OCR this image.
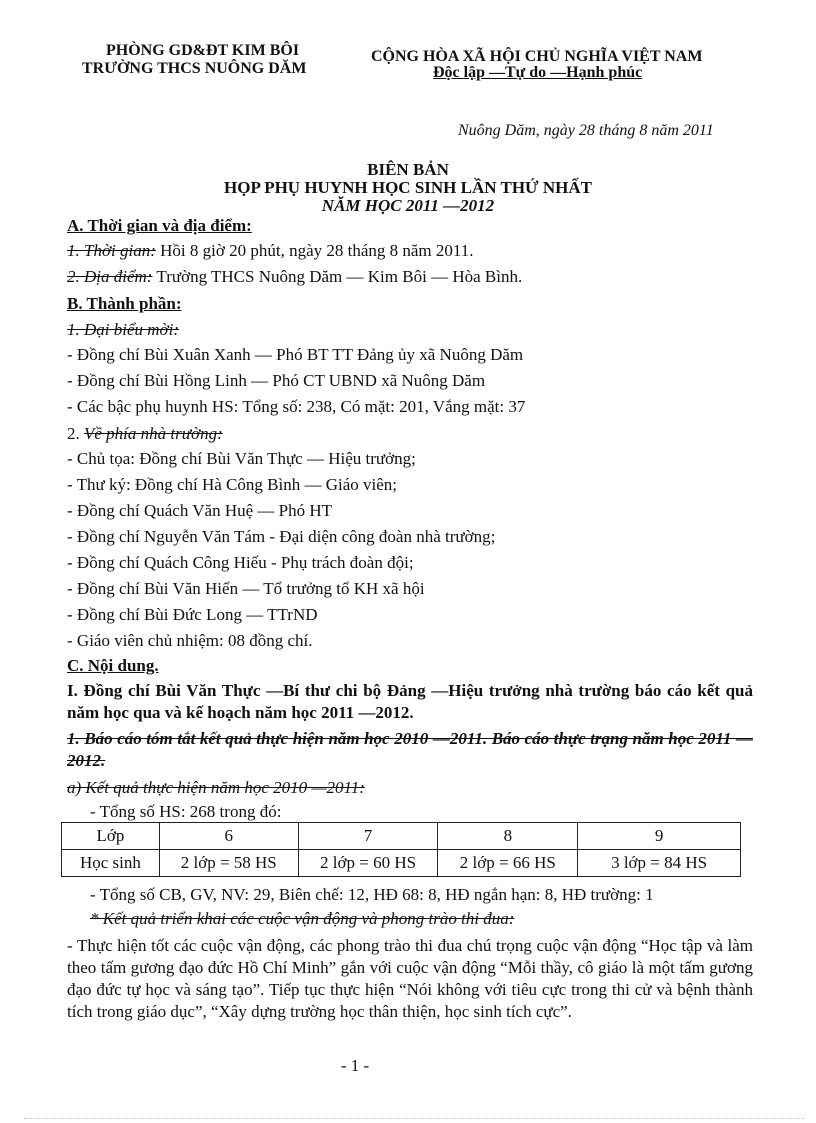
PHÒNG GD&ĐT KIM BÔI
TRƯỜNG THCS NUÔNG DĂM
CỘNG HÒA XÃ HỘI CHỦ NGHĨA VIỆT NAM
Độc lập —Tự do —Hạnh phúc
Nuông Dăm, ngày 28 tháng 8 năm 2011
BIÊN BẢN
HỌP PHỤ HUYNH HỌC SINH LẦN THỨ NHẤT
NĂM HỌC 2011 —2012
A. Thời gian và địa điểm:
1. Thời gian: Hồi 8 giờ 20 phút, ngày 28 tháng 8 năm 2011.
2. Địa điểm: Trường THCS Nuông Dăm — Kim Bôi — Hòa Bình.
B. Thành phần:
1. Đại biểu mời:
- Đồng chí Bùi Xuân Xanh — Phó BT TT Đảng ủy xã Nuông Dăm
- Đồng chí Bùi Hồng Linh — Phó CT UBND xã Nuông Dăm
- Các bậc phụ huynh HS: Tổng số: 238, Có mặt: 201, Vắng mặt: 37
2. Về phía nhà trường:
- Chủ tọa: Đồng chí Bùi Văn Thực — Hiệu trưởng;
- Thư ký: Đồng chí Hà Công Bình — Giáo viên;
- Đồng chí Quách Văn Huệ — Phó HT
- Đồng chí Nguyễn Văn Tám - Đại diện công đoàn nhà trường;
- Đồng chí Quách Công Hiếu - Phụ trách đoàn đội;
- Đồng chí Bùi Văn Hiển — Tổ trưởng tổ KH xã hội
- Đồng chí Bùi Đức Long — TTrND
- Giáo viên chủ nhiệm: 08 đồng chí.
C. Nội dung.
I. Đồng chí Bùi Văn Thực —Bí thư chi bộ Đảng —Hiệu trưởng nhà trường báo cáo kết quả năm học qua và kế hoạch năm học 2011 —2012.
1. Báo cáo tóm tắt kết quả thực hiện năm học 2010 —2011. Báo cáo thực trạng năm học 2011 —2012.
a) Kết quả thực hiện năm học 2010 —2011:
- Tổng số HS: 268 trong đó:
Lớp	6	7	8	9
Học sinh	2 lớp = 58 HS	2 lớp = 60 HS	2 lớp = 66 HS	3 lớp = 84 HS
- Tổng số CB, GV, NV: 29, Biên chế: 12, HĐ 68: 8, HĐ ngắn hạn: 8, HĐ trường: 1
* Kết quả triển khai các cuộc vận động và phong trào thi đua:
- Thực hiện tốt các cuộc vận động, các phong trào thi đua chú trọng cuộc vận động “Học tập và làm theo tấm gương đạo đức Hồ Chí Minh” gắn với cuộc vận động “Mỗi thầy, cô giáo là một tấm gương đạo đức tự học và sáng tạo”. Tiếp tục thực hiện “Nói không với tiêu cực trong thi cử và bệnh thành tích trong giáo dục”, “Xây dựng trường học thân thiện, học sinh tích cực”.
- 1 -
